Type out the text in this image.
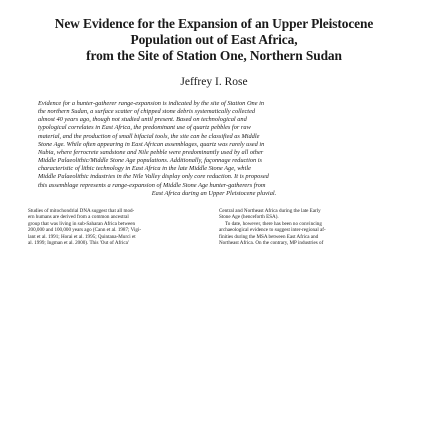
New Evidence for the Expansion of an Upper Pleistocene
Population out of East Africa,
from the Site of Station One, Northern Sudan
Jeffrey I. Rose
Evidence for a hunter-gatherer range-expansion is indicated by the site of Station One in
the northern Sudan, a surface scatter of chipped stone debris systematically collected
almost 40 years ago, though not studied until present. Based on technological and
typological correlates in East Africa, the predominant use of quartz pebbles for raw
material, and the production of small bifacial tools, the site can be classified as Middle
Stone Age. While often appearing in East African assemblages, quartz was rarely used in
Nubia, where ferrocrete sandstone and Nile pebble were predominantly used by all other
Middle Palaeolithic/Middle Stone Age populations. Additionally, façonnage reduction is
characteristic of lithic technology in East Africa in the late Middle Stone Age, while
Middle Palaeolithic industries in the Nile Valley display only core reduction. It is proposed
this assemblage represents a range-expansion of Middle Stone Age hunter-gatherers from
East Africa during an Upper Pleistocene pluvial.
Studies of mitochondrial DNA suggest that all mod-
ern humans are derived from a common ancestral
group that was living in sub-Saharan Africa between
200,000 and 100,000 years ago (Cann et al. 1987; Vigi-
lant et al. 1991; Horai et al. 1995; Quintana-Murci et
al. 1999; Ingman et al. 2000). This 'Out of Africa'
Central and Northeast Africa during the late Early
Stone Age (henceforth ESA).
To date, however, there has been no convincing
archaeological evidence to suggest inter-regional af-
finities during the MSA between East Africa and
Northeast Africa. On the contrary, MP industries of
